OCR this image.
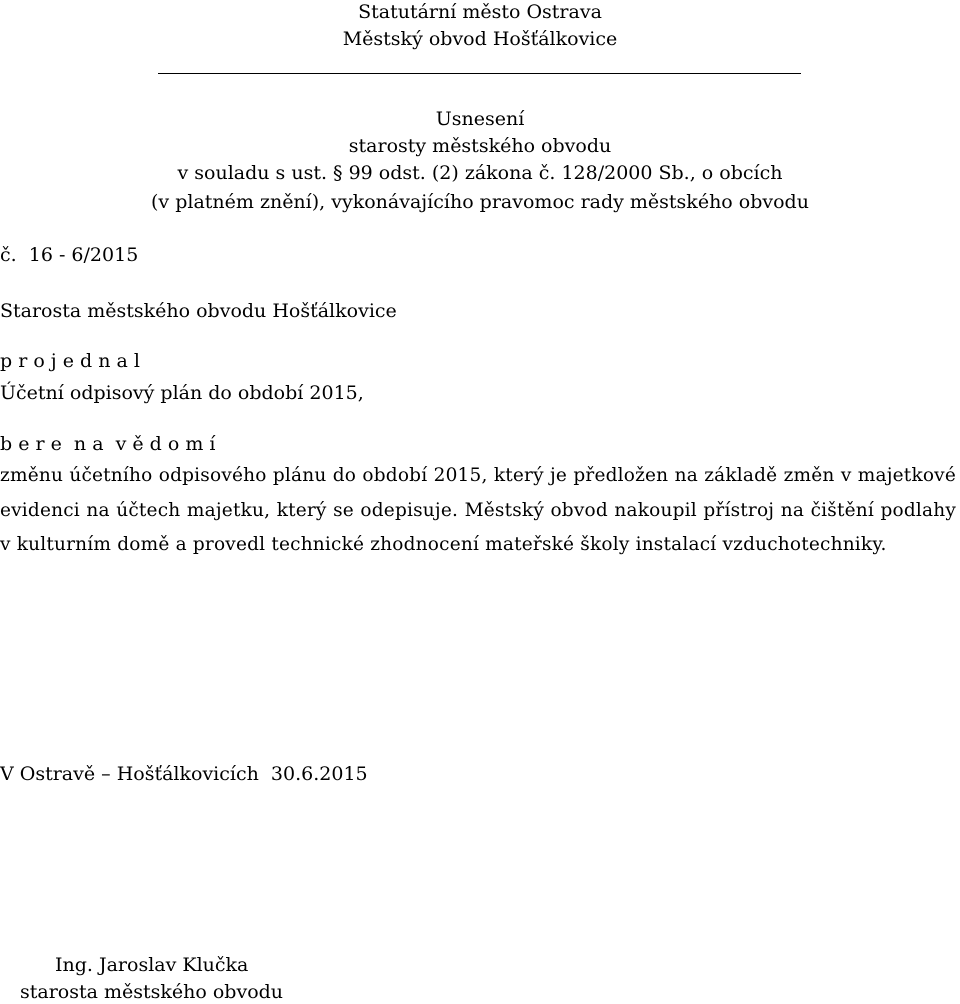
Statutární město Ostrava
Městský obvod Hošťálkovice
Usnesení
starosty městského obvodu
v souladu s ust. § 99 odst. (2) zákona č. 128/2000 Sb., o obcích
(v platném znění), vykonávajícího pravomoc rady městského obvodu
č.  16 - 6/2015
Starosta městského obvodu Hošťálkovice
p r o j e d n a l
Účetní odpisový plán do období 2015,
b e r e  n a  v ě d o m í
změnu účetního odpisového plánu do období 2015, který je předložen na základě změn v majetkové evidenci na účtech majetku, který se odepisuje. Městský obvod nakoupil přístroj na čištění podlahy v kulturním domě a provedl technické zhodnocení mateřské školy instalací vzduchotechniky.
V Ostravě – Hošťálkovicích  30.6.2015
Ing. Jaroslav Klučka
starosta městského obvodu
